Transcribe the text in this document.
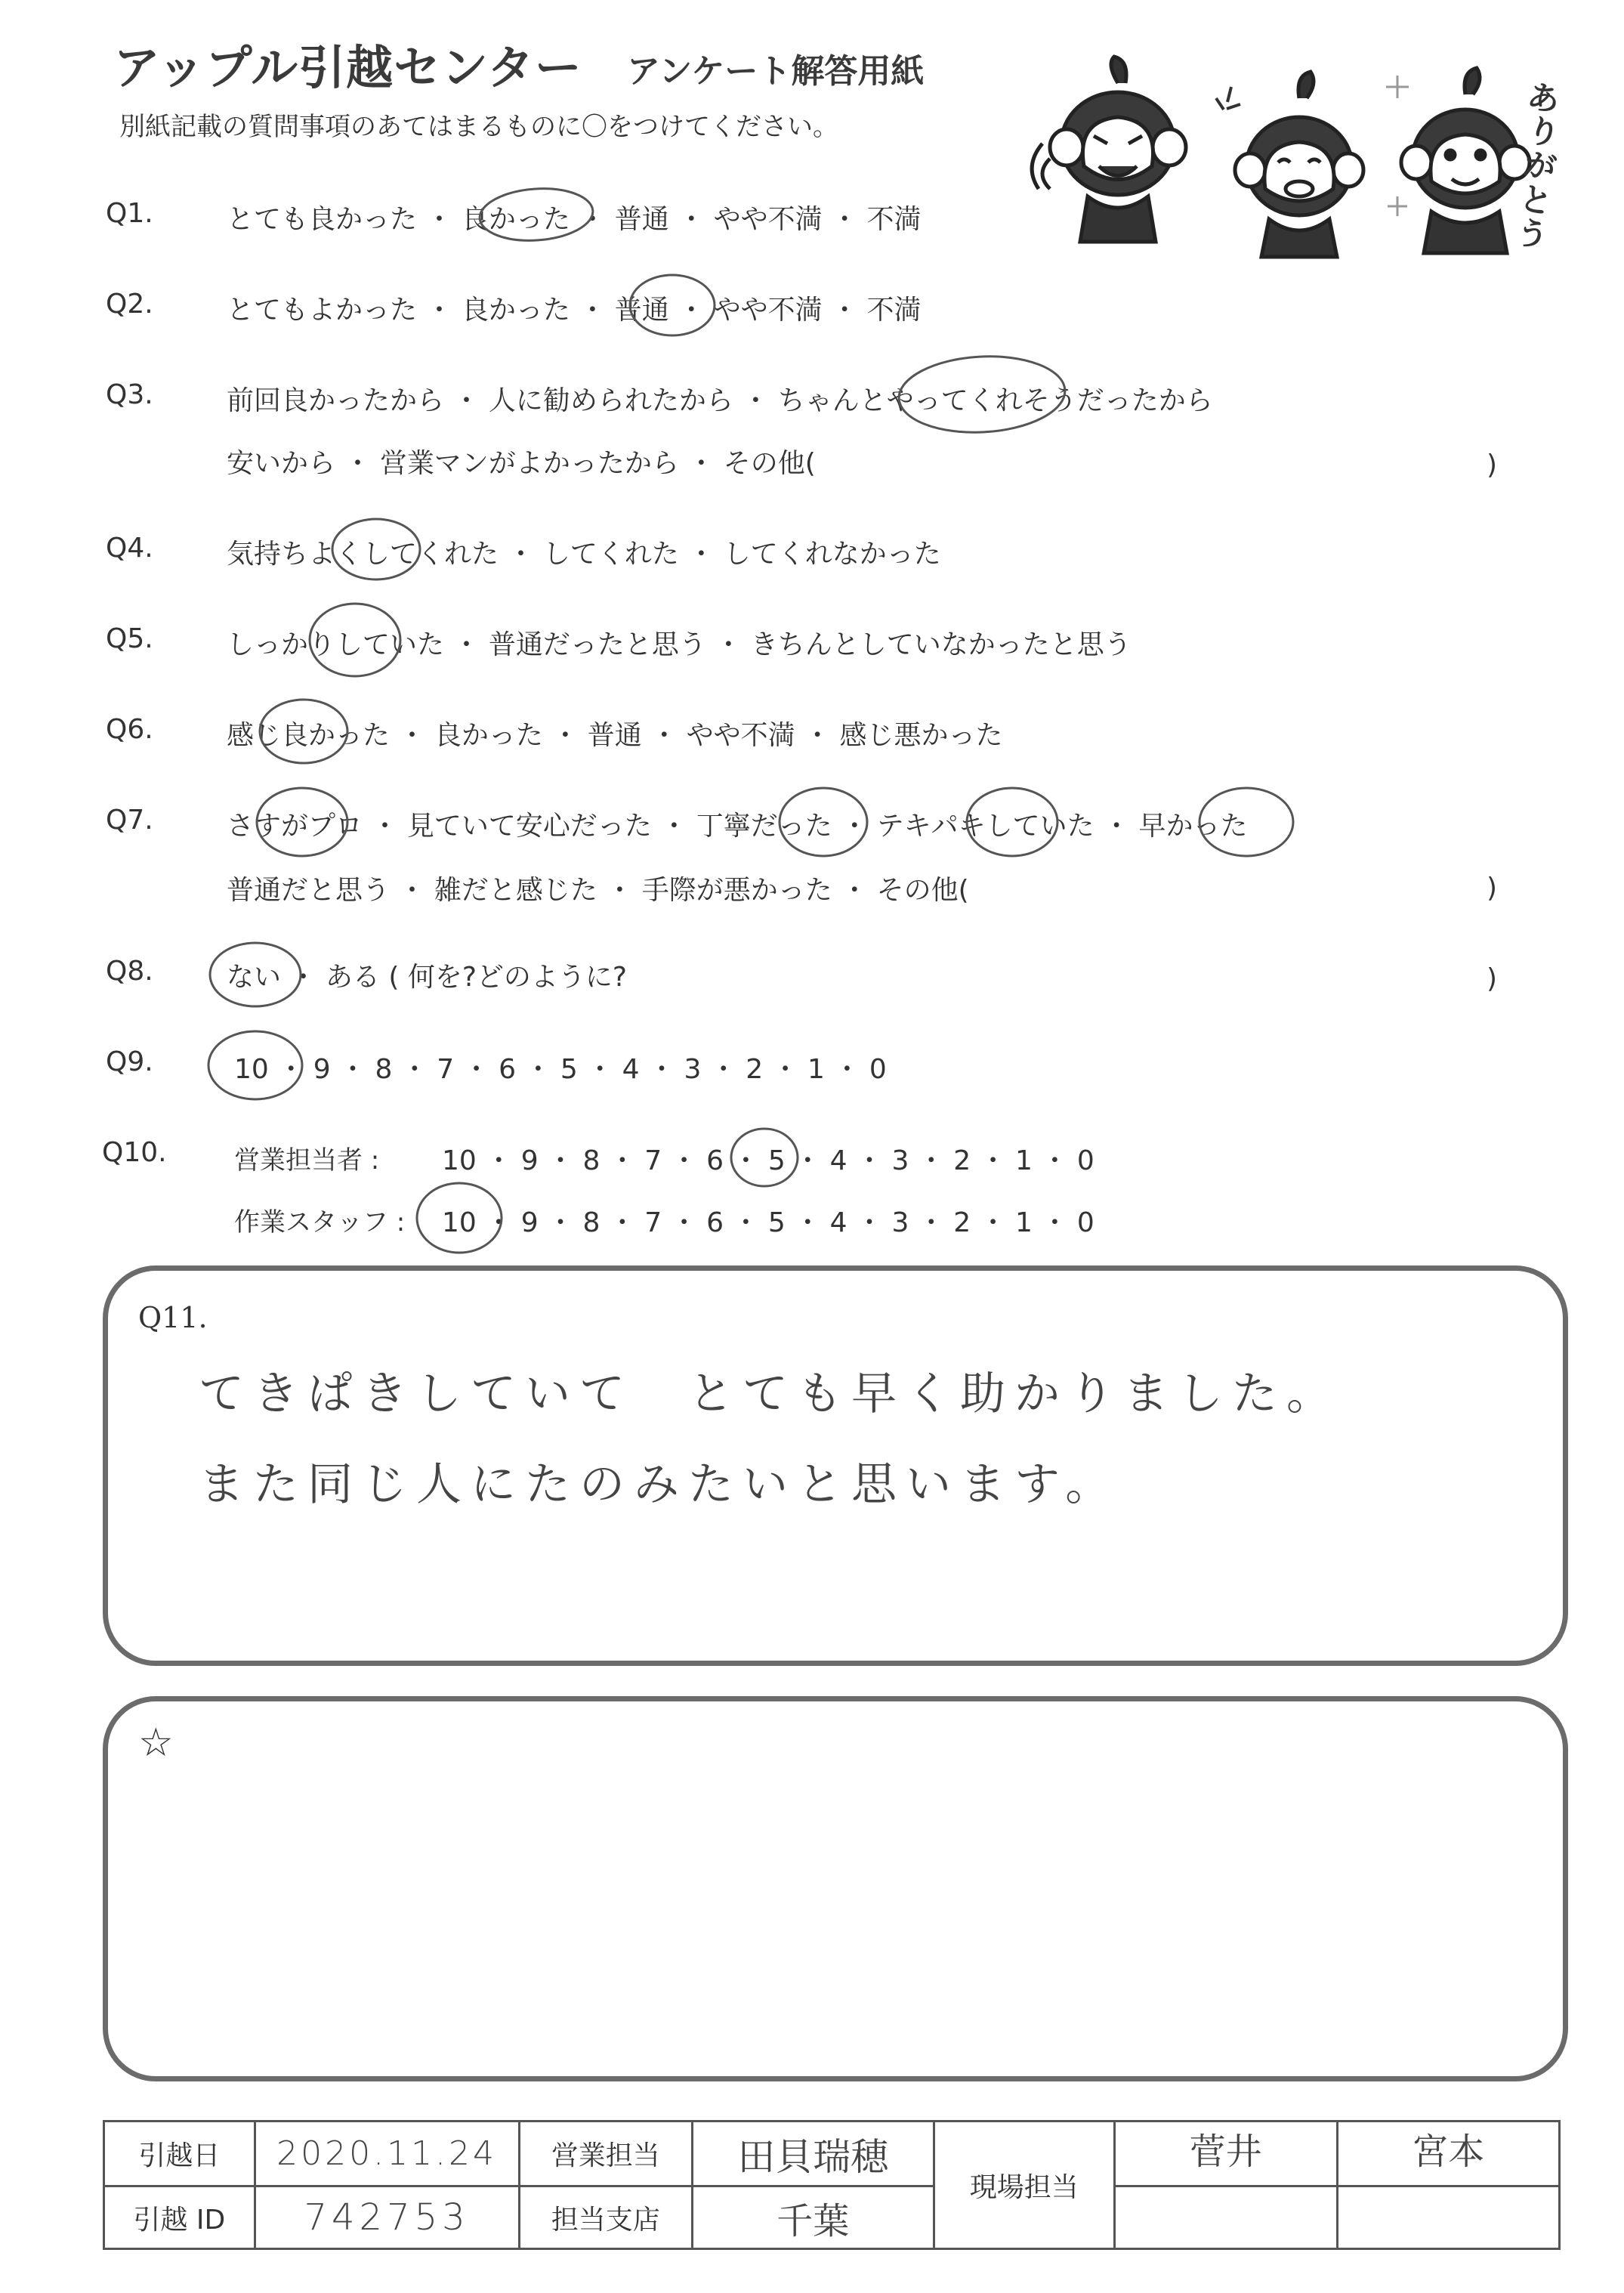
アップル引越センター アンケート解答用紙
別紙記載の質問事項のあてはまるものに〇をつけてください。
あ
り
が
と
う
Q1.	とても良かった ・ 良かった ・ 普通 ・ やや不満 ・ 不満
Q2.	とてもよかった ・ 良かった ・ 普通 ・ やや不満 ・ 不満
Q3.	前回良かったから ・ 人に勧められたから ・ ちゃんとやってくれそうだったから
安いから ・ 営業マンがよかったから ・ その他(	)
Q4.	気持ちよくしてくれた ・ してくれた ・ してくれなかった
Q5.	しっかりしていた ・ 普通だったと思う ・ きちんとしていなかったと思う
Q6.	感じ良かった ・ 良かった ・ 普通 ・ やや不満 ・ 感じ悪かった
Q7.	さすがプロ ・ 見ていて安心だった ・ 丁寧だった ・ テキパキしていた ・ 早かった
普通だと思う ・ 雑だと感じた ・ 手際が悪かった ・ その他(	)
Q8.	ない ・ ある ( 何を?どのように?	)
Q9.	10 ・ 9 ・ 8 ・ 7 ・ 6 ・ 5 ・ 4 ・ 3 ・ 2 ・ 1 ・ 0
Q10.	営業担当者 : 10 ・ 9 ・ 8 ・ 7 ・ 6 ・ 5 ・ 4 ・ 3 ・ 2 ・ 1 ・ 0
作業スタッフ : 10 ・ 9 ・ 8 ・ 7 ・ 6 ・ 5 ・ 4 ・ 3 ・ 2 ・ 1 ・ 0
Q11.
てきぱきしていて　とても早く助かりました。
また同じ人にたのみたいと思います。
☆
引越日	2020.11.24	営業担当	田貝瑞穂	現場担当	菅井	宮本
引越 ID	742753	担当支店	千葉			
